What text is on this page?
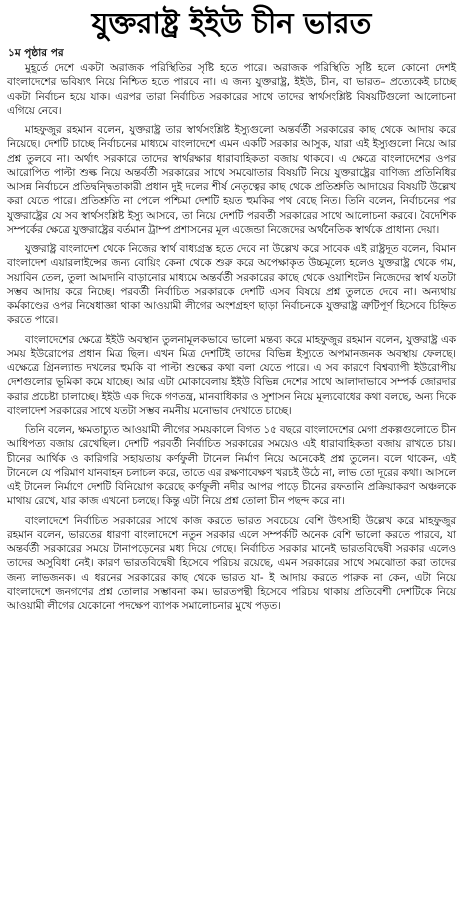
যুক্তরাষ্ট্র ইইউ চীন ভারত
১ম পৃষ্ঠার পর

মুহূর্তে দেশে একটা অরাজক পরিস্থিতির সৃষ্টি হতে পারে। অরাজক পরিস্থিতি সৃষ্টি হলে কোনো দেশই বাংলাদেশের ভবিষ্যৎ নিয়ে নিশ্চিত হতে পারবে না। এ জন্য যুক্তরাষ্ট্র, ইইউ, চীন, বা ভারত– প্রত্যেকেই চাচ্ছে একটা নির্বাচন হয়ে যাক। এরপর তারা নির্বাচিত সরকারের সাথে তাদের স্বার্থসংশ্লিষ্ট বিষয়টিগুলো আলোচনা এগিয়ে নেবে।

মাহফুজুর রহমান বলেন, যুক্তরাষ্ট্র তার স্বার্থসংশ্লিষ্ট ইস্যুগুলো অন্তর্বর্তী সরকারের কাছ থেকে আদায় করে নিয়েছে। দেশটি চাচ্ছে নির্বাচনের মাধ্যমে বাংলাদেশে এমন একটি সরকার আসুক, যারা এই ইস্যুগুলো নিয়ে আর প্রশ্ন তুলবে না। অর্থাৎ সরকারে তাদের স্বার্থরক্ষার ধারাবাহিকতা বজায় থাকবে। এ ক্ষেত্রে বাংলাদেশের ওপর আরোপিত পাল্টা শুল্ক নিয়ে অন্তর্বর্তী সরকারের সাথে সমঝোতার বিষয়টি নিয়ে যুক্তরাষ্ট্রের বাণিজ্য প্রতিনিধির আসন্ন নির্বাচনে প্রতিদ্বন্দ্বিতাকারী প্রধান দুই দলের শীর্ষ নেতৃত্বের কাছ থেকে প্রতিশ্রুতি আদায়ের বিষয়টি উল্লেখ করা যেতে পারে। প্রতিশ্রুতি না পেলে পশ্চিমা দেশটি হয়ত হুমকির পথ বেছে নিত। তিনি বলেন, নির্বাচনের পর যুক্তরাষ্ট্রের যে সব স্বার্থসংশ্লিষ্ট ইস্যু আসবে, তা নিয়ে দেশটি পরবর্তী সরকারের সাথে আলোচনা করবে। বৈদেশিক সম্পর্কের ক্ষেত্রে যুক্তরাষ্ট্রের বর্তমান ট্রাম্প প্রশাসনের মূল এজেন্ডা নিজেদের অর্থনৈতিক স্বার্থকে প্রাধান্য দেয়া।

যুক্তরাষ্ট্র বাংলাদেশ থেকে নিজের স্বার্থ বাধ্যগ্রস্ত হতে দেবে না উল্লেখ করে সাবেক এই রাষ্ট্রদূত বলেন, বিমান বাংলাদেশ এয়ারলাইন্সের জন্য বোয়িং কেনা থেকে শুরু করে অপেক্ষাকৃত উচ্চমূল্যে হলেও যুক্তরাষ্ট্র থেকে গম, সয়াবিন তেল, তুলা আমদানি বাড়ানোর মাধ্যমে অন্তর্বর্তী সরকারের কাছে থেকে ওয়াশিংটন নিজেদের স্বার্থ যতটা সম্ভব আদায় করে নিচ্ছে। পরবর্তী নির্বাচিত সরকারকে দেশটি এসব বিষয়ে প্রশ্ন তুলতে দেবে না। অন্যথায় কর্মকাণ্ডের ওপর নিষেধাজ্ঞা থাকা আওয়ামী লীগের অংশগ্রহণ ছাড়া নির্বাচনকে যুক্তরাষ্ট্র ত্রুটিপূর্ণ হিসেবে চিহ্নিত করতে পারে।

বাংলাদেশের ক্ষেত্রে ইইউ অবস্থান তুলনামূলকভাবে ভালো মন্তব্য করে মাহফুজুর রহমান বলেন, যুক্তরাষ্ট্র এক সময় ইউরোপের প্রধান মিত্র ছিল। এখন মিত্র দেশটিই তাদের বিভিন্ন ইস্যুতে অপমানজনক অবস্থায় ফেলছে। এক্ষেত্রে গ্রিনল্যান্ড দখলের হুমকি বা পাল্টা শুল্কের কথা বলা যেতে পারে। এ সব কারণে বিশ্বব্যাপী ইউরোপীয় দেশগুলোর ভূমিকা কমে যাচ্ছে। আর এটা মোকাবেলায় ইইউ বিভিন্ন দেশের সাথে আলাদাভাবে সম্পর্ক জোরদার করার প্রচেষ্টা চালাচ্ছে। ইইউ এক দিকে গণতন্ত্র, মানবাধিকার ও সুশাসন নিয়ে মূল্যবোধের কথা বলছে, অন্য দিকে বাংলাদেশ সরকারের সাথে যতটা সম্ভব নমনীয় মনোভাব দেখাতে চাচ্ছে।

তিনি বলেন, ক্ষমতাচ্যুত আওয়ামী লীগের সময়কালে বিগত ১৫ বছরে বাংলাদেশের মেগা প্রকল্পগুলোতে চীন আধিপত্য বজায় রেখেছিল। দেশটি পরবর্তী নির্বাচিত সরকারের সময়েও এই ধারাবাহিকতা বজায় রাখতে চায়। চীনের আর্থিক ও কারিগরি সহায়তায় কর্ণফুলী টানেল নির্মাণ নিয়ে অনেকেই প্রশ্ন তুলেন। বলে থাকেন, এই টানেলে যে পরিমাণ যানবাহন চলাচল করে, তাতে এর রক্ষণাবেক্ষণ খরচই উঠে না, লাভ তো দূরের কথা। আসলে এই টানেল নির্মাণে দেশটি বিনিয়োগ করেছে কর্ণফুলী নদীর আপর পাড়ে চীনের রফতানি প্রক্রিয়াকরণ অঞ্চলকে মাথায় রেখে, যার কাজ এখনো চলছে। কিন্তু এটা নিয়ে প্রশ্ন তোলা চীন পছন্দ করে না।

বাংলাদেশে নির্বাচিত সরকারের সাথে কাজ করতে ভারত সবচেয়ে বেশি উৎসাহী উল্লেখ করে মাহফুজুর রহমান বলেন, ভারতের ধারণা বাংলাদেশে নতুন সরকার এলে সম্পর্কটি অনেক বেশি ভালো করতে পারবে, যা অন্তর্বর্তী সরকারের সময়ে টানাপড়েনের মধ্য দিয়ে গেছে। নির্বাচিত সরকার মানেই ভারতবিদ্বেষী সরকার এলেও তাদের অসুবিধা নেই। কারণ ভারতবিদ্বেষী হিসেবে পরিচয় রয়েছে, এমন সরকারের সাথে সমঝোতা করা তাদের জন্য লাভজনক। এ ধরনের সরকারের কাছ থেকে ভারত যা- ই আদায় করতে পারুক না কেন, এটা নিয়ে বাংলাদেশে জনগণের প্রশ্ন তোলার সম্ভাবনা কম। ভারতপন্থী হিসেবে পরিচয় থাকায় প্রতিবেশী দেশটিকে নিয়ে আওয়ামী লীগের যেকোনো পদক্ষেপ ব্যাপক সমালোচনার মুখে পড়ত।
